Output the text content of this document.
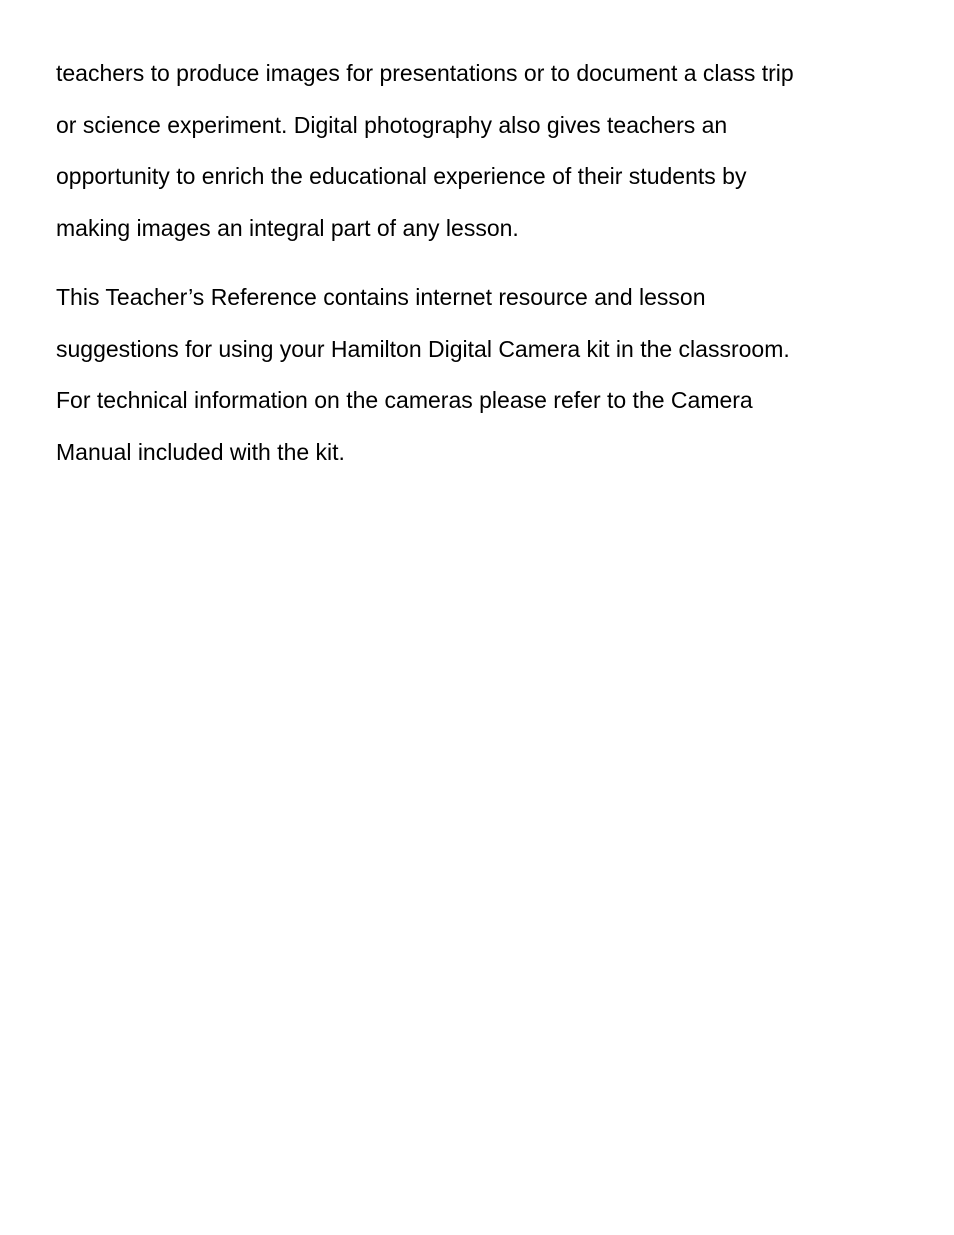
teachers to produce images for presentations or to document a class trip
or science experiment. Digital photography also gives teachers an
opportunity to enrich the educational experience of their students by
making images an integral part of any lesson.

This Teacher’s Reference contains internet resource and lesson
suggestions for using your Hamilton Digital Camera kit in the classroom.
For technical information on the cameras please refer to the Camera
Manual included with the kit.
